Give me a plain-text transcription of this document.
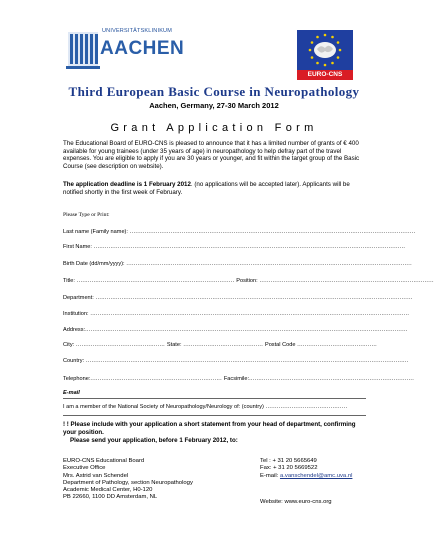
UNIVERSITÄTSKLINIKUM
AACHEN
EURO-CNS
Third European Basic Course in Neuropathology
Aachen, Germany, 27-30 March 2012
Grant Application Form
The Educational Board of EURO-CNS is pleased to announce that it has a limited number of grants of € 400 available for young trainees (under 35 years of age) in neuropathology to help defray part of the travel expenses. You are eligible to apply if you are 30 years or younger, and fit within the target group of the Basic Course (see description on website).
The application deadline is 1 February 2012. (no applications will be accepted later). Applicants will be notified shortly in the first week of February.
Please Type or Print:
Last name (Family name): ..........................................................................................................................................................
First Name: ........................................................................................................................................................................
Birth Date (dd/mm/yyyy): ..........................................................................................................................................................
Title: ..................................................................................... Position: ..............................................................................................
Department: ...........................................................................................................................................................................
Institution: ............................................................................................................................................................................
Address:..............................................................................................................................................................................
City: ................................................ State: ........................................... Postal Code ...........................................
Country: ..............................................................................................................................................................................
Telephone:....................................................................... Facsimile:.........................................................................................
E-mail
I am a member of the National Society of Neuropathology/Neurology of: (country) ............................................
! ! Please include with your application a short statement from your head of department, confirming your position.
Please send your application, before 1 February 2012, to:
EURO-CNS Educational Board
Executive Office
Mrs. Astrid van Schendel
Department of Pathology, section Neuropathology
Academic Medical Center, H0-120
PB 22660, 1100 DD Amsterdam, NL
Tel : + 31 20 5665649
Fax: + 31 20 5669522
E-mail: a.vanschendel@amc.uva.nl
Website: www.euro-cns.org
